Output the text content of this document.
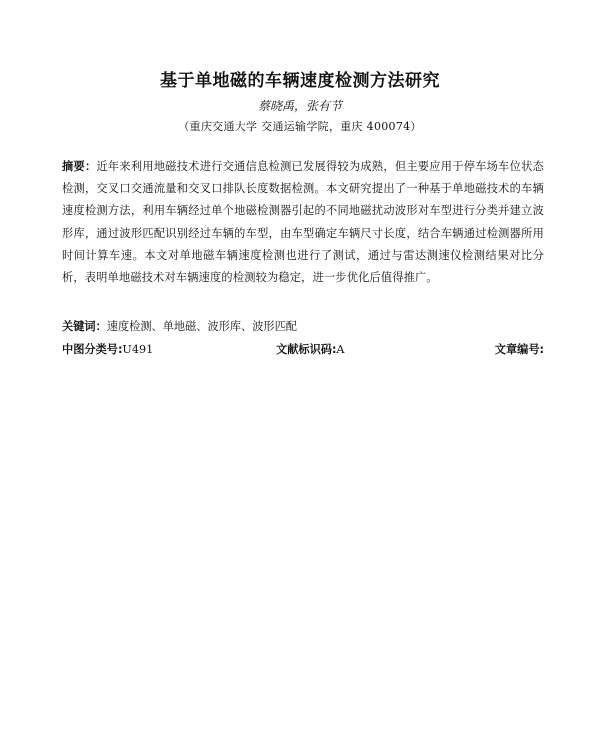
基于单地磁的车辆速度检测方法研究
蔡晓禹，张有节
（重庆交通大学 交通运输学院，重庆 400074）
摘要：近年来利用地磁技术进行交通信息检测已发展得较为成熟，但主要应用于停车场车位状态检测，交叉口交通流量和交叉口排队长度数据检测。本文研究提出了一种基于单地磁技术的车辆速度检测方法，利用车辆经过单个地磁检测器引起的不同地磁扰动波形对车型进行分类并建立波形库，通过波形匹配识别经过车辆的车型，由车型确定车辆尺寸长度，结合车辆通过检测器所用时间计算车速。本文对单地磁车辆速度检测也进行了测试，通过与雷达测速仪检测结果对比分析，表明单地磁技术对车辆速度的检测较为稳定，进一步优化后值得推广。
关键词：速度检测、单地磁、波形库、波形匹配
中图分类号:U491	文献标识码:A	文章编号:
